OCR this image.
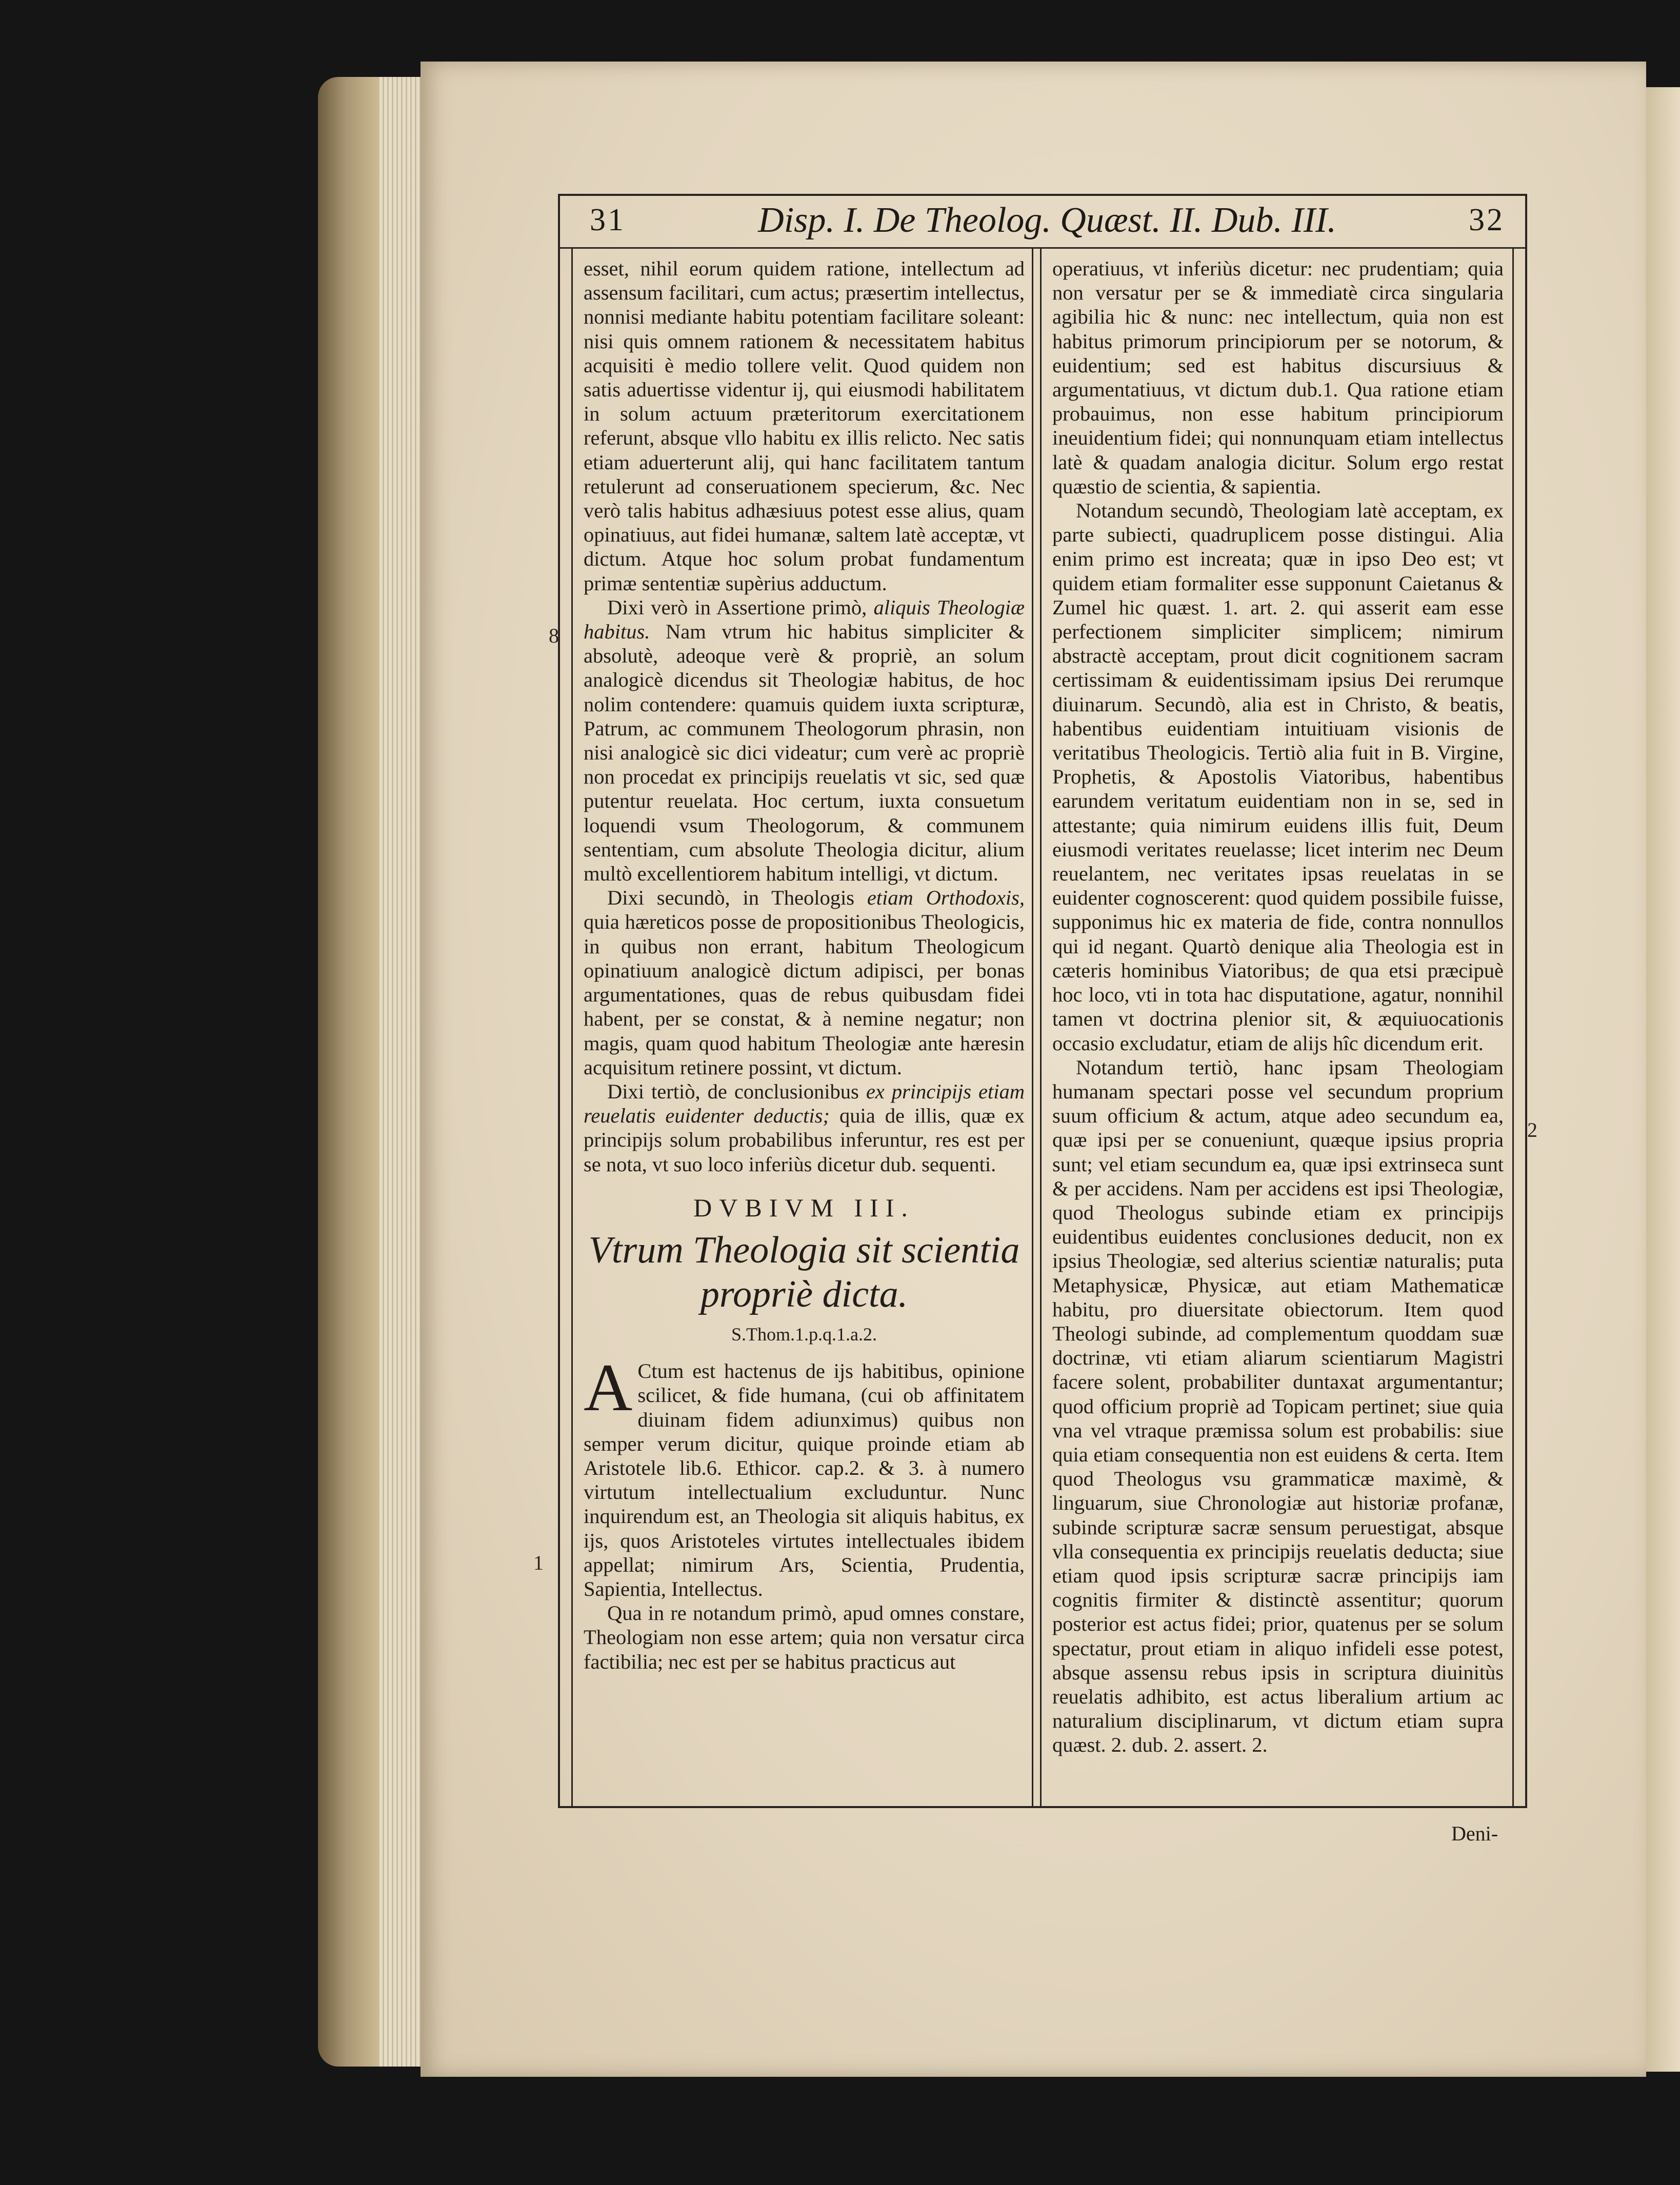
8
1
2
31	Disp. I. De Theolog. Quæst. II. Dub. III.	32

esset, nihil eorum quidem ratione, intellectum ad assensum facilitari, cum actus; præsertim intellectus, nonnisi mediante habitu potentiam facilitare soleant: nisi quis omnem rationem & necessitatem habitus acquisiti è medio tollere velit. Quod quidem non satis aduertisse videntur ij, qui eiusmodi habilitatem in solum actuum præteritorum exercitationem referunt, absque vllo habitu ex illis relicto. Nec satis etiam aduerterunt alij, qui hanc facilitatem tantum retulerunt ad conseruationem specierum, &c. Nec verò talis habitus adhæsiuus potest esse alius, quam opinatiuus, aut fidei humanæ, saltem latè acceptæ, vt dictum. Atque hoc solum probat fundamentum primæ sententiæ supèrius adductum.

Dixi verò in Assertione primò, aliquis Theologiæ habitus. Nam vtrum hic habitus simpliciter & absolutè, adeoque verè & propriè, an solum analogicè dicendus sit Theologiæ habitus, de hoc nolim contendere: quamuis quidem iuxta scripturæ, Patrum, ac communem Theologorum phrasin, non nisi analogicè sic dici videatur; cum verè ac propriè non procedat ex principijs reuelatis vt sic, sed quæ putentur reuelata. Hoc certum, iuxta consuetum loquendi vsum Theologorum, & communem sententiam, cum absolute Theologia dicitur, alium multò excellentiorem habitum intelligi, vt dictum.

Dixi secundò, in Theologis etiam Orthodoxis, quia hæreticos posse de propositionibus Theologicis, in quibus non errant, habitum Theologicum opinatiuum analogicè dictum adipisci, per bonas argumentationes, quas de rebus quibusdam fidei habent, per se constat, & à nemine negatur; non magis, quam quod habitum Theologiæ ante hæresin acquisitum retinere possint, vt dictum.

Dixi tertiò, de conclusionibus ex principijs etiam reuelatis euidenter deductis; quia de illis, quæ ex principijs solum probabilibus inferuntur, res est per se nota, vt suo loco inferiùs dicetur dub. sequenti.

DVBIVM III.
Vtrum Theologia sit scientia propriè dicta.
S.Thom.1.p.q.1.a.2.

A Ctum est hactenus de ijs habitibus, opinione scilicet, & fide humana, (cui ob affinitatem diuinam fidem adiunximus) quibus non semper verum dicitur, quique proinde etiam ab Aristotele lib.6. Ethicor. cap.2. & 3. à numero virtutum intellectualium excluduntur. Nunc inquirendum est, an Theologia sit aliquis habitus, ex ijs, quos Aristoteles virtutes intellectuales ibidem appellat; nimirum Ars, Scientia, Prudentia, Sapientia, Intellectus.

Qua in re notandum primò, apud omnes constare, Theologiam non esse artem; quia non versatur circa factibilia; nec est per se habitus practicus aut

operatiuus, vt inferiùs dicetur: nec prudentiam; quia non versatur per se & immediatè circa singularia agibilia hic & nunc: nec intellectum, quia non est habitus primorum principiorum per se notorum, & euidentium; sed est habitus discursiuus & argumentatiuus, vt dictum dub.1. Qua ratione etiam probauimus, non esse habitum principiorum ineuidentium fidei; qui nonnunquam etiam intellectus latè & quadam analogia dicitur. Solum ergo restat quæstio de scientia, & sapientia.

Notandum secundò, Theologiam latè acceptam, ex parte subiecti, quadruplicem posse distingui. Alia enim primo est increata; quæ in ipso Deo est; vt quidem etiam formaliter esse supponunt Caietanus & Zumel hic quæst. 1. art. 2. qui asserit eam esse perfectionem simpliciter simplicem; nimirum abstractè acceptam, prout dicit cognitionem sacram certissimam & euidentissimam ipsius Dei rerumque diuinarum. Secundò, alia est in Christo, & beatis, habentibus euidentiam intuitiuam visionis de veritatibus Theologicis. Tertiò alia fuit in B. Virgine, Prophetis, & Apostolis Viatoribus, habentibus earundem veritatum euidentiam non in se, sed in attestante; quia nimirum euidens illis fuit, Deum eiusmodi veritates reuelasse; licet interim nec Deum reuelantem, nec veritates ipsas reuelatas in se euidenter cognoscerent: quod quidem possibile fuisse, supponimus hic ex materia de fide, contra nonnullos qui id negant. Quartò denique alia Theologia est in cæteris hominibus Viatoribus; de qua etsi præcipuè hoc loco, vti in tota hac disputatione, agatur, nonnihil tamen vt doctrina plenior sit, & æquiuocationis occasio excludatur, etiam de alijs hîc dicendum erit.

Notandum tertiò, hanc ipsam Theologiam humanam spectari posse vel secundum proprium suum officium & actum, atque adeo secundum ea, quæ ipsi per se conueniunt, quæque ipsius propria sunt; vel etiam secundum ea, quæ ipsi extrinseca sunt & per accidens. Nam per accidens est ipsi Theologiæ, quod Theologus subinde etiam ex principijs euidentibus euidentes conclusiones deducit, non ex ipsius Theologiæ, sed alterius scientiæ naturalis; puta Metaphysicæ, Physicæ, aut etiam Mathematicæ habitu, pro diuersitate obiectorum. Item quod Theologi subinde, ad complementum quoddam suæ doctrinæ, vti etiam aliarum scientiarum Magistri facere solent, probabiliter duntaxat argumentantur; quod officium propriè ad Topicam pertinet; siue quia vna vel vtraque præmissa solum est probabilis: siue quia etiam consequentia non est euidens & certa. Item quod Theologus vsu grammaticæ maximè, & linguarum, siue Chronologiæ aut historiæ profanæ, subinde scripturæ sacræ sensum peruestigat, absque vlla consequentia ex principijs reuelatis deducta; siue etiam quod ipsis scripturæ sacræ principijs iam cognitis firmiter & distinctè assentitur; quorum posterior est actus fidei; prior, quatenus per se solum spectatur, prout etiam in aliquo infideli esse potest, absque assensu rebus ipsis in scriptura diuinitùs reuelatis adhibito, est actus liberalium artium ac naturalium disciplinarum, vt dictum etiam supra quæst. 2. dub. 2. assert. 2.

Deni-
